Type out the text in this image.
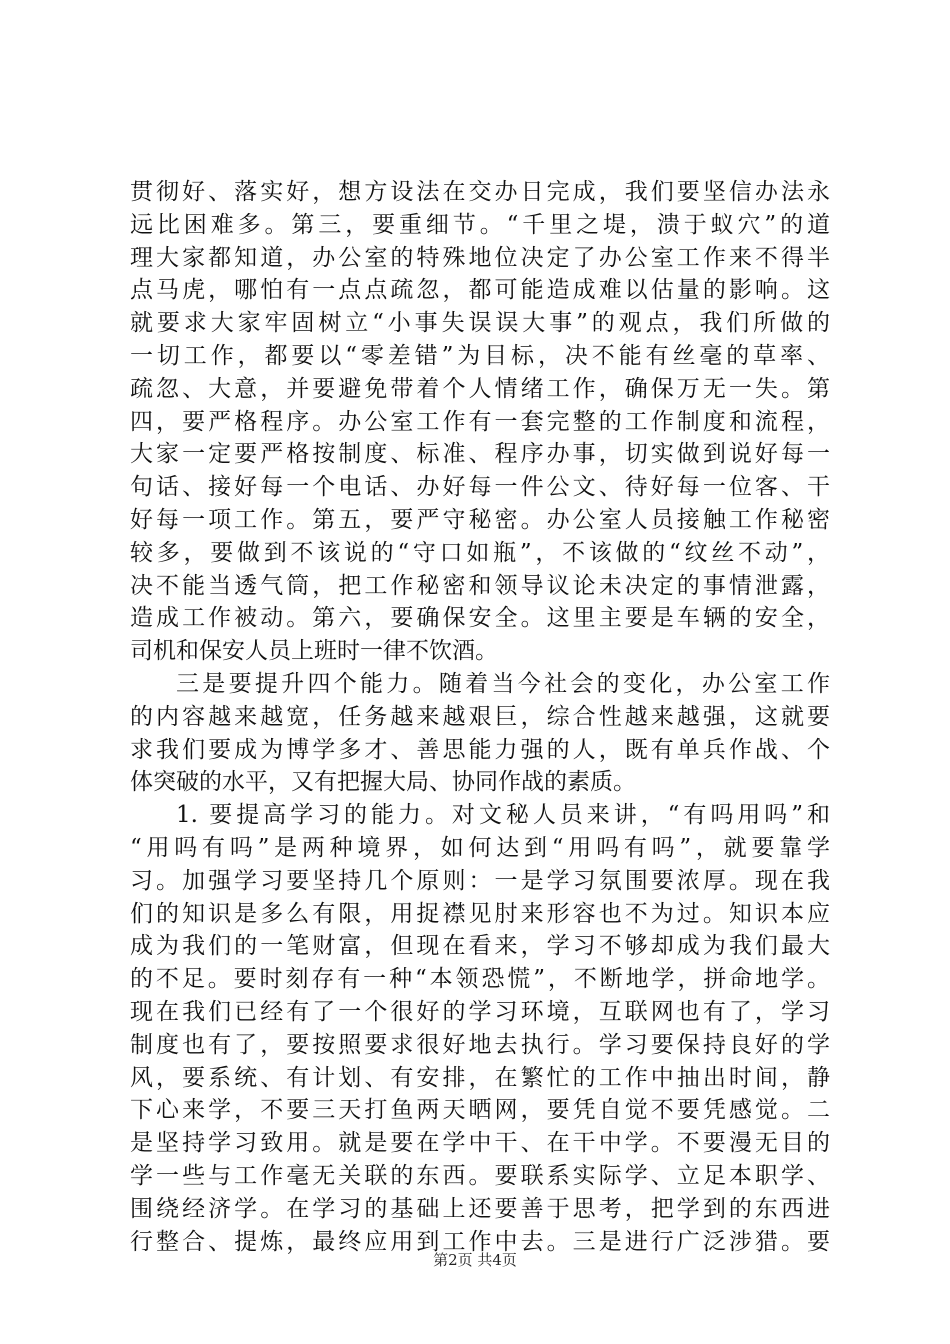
贯彻好、落实好，想方设法在交办日完成，我们要坚信办法永
远比困难多。第三，要重细节。“千里之堤，溃于蚁穴”的道
理大家都知道，办公室的特殊地位决定了办公室工作来不得半
点马虎，哪怕有一点点疏忽，都可能造成难以估量的影响。这
就要求大家牢固树立“小事失误误大事”的观点，我们所做的
一切工作，都要以“零差错”为目标，决不能有丝毫的草率、
疏忽、大意，并要避免带着个人情绪工作，确保万无一失。第
四，要严格程序。办公室工作有一套完整的工作制度和流程，
大家一定要严格按制度、标准、程序办事，切实做到说好每一
句话、接好每一个电话、办好每一件公文、待好每一位客、干
好每一项工作。第五，要严守秘密。办公室人员接触工作秘密
较多，要做到不该说的“守口如瓶”，不该做的“纹丝不动”，
决不能当透气筒，把工作秘密和领导议论未决定的事情泄露，
造成工作被动。第六，要确保安全。这里主要是车辆的安全，
司机和保安人员上班时一律不饮酒。
三是要提升四个能力。随着当今社会的变化，办公室工作
的内容越来越宽，任务越来越艰巨，综合性越来越强，这就要
求我们要成为博学多才、善思能力强的人，既有单兵作战、个
体突破的水平，又有把握大局、协同作战的素质。
1. 要提高学习的能力。对文秘人员来讲，“有吗用吗”和
“用吗有吗”是两种境界，如何达到“用吗有吗”，就要靠学
习。加强学习要坚持几个原则：一是学习氛围要浓厚。现在我
们的知识是多么有限，用捉襟见肘来形容也不为过。知识本应
成为我们的一笔财富，但现在看来，学习不够却成为我们最大
的不足。要时刻存有一种“本领恐慌”，不断地学，拼命地学。
现在我们已经有了一个很好的学习环境，互联网也有了，学习
制度也有了，要按照要求很好地去执行。学习要保持良好的学
风，要系统、有计划、有安排，在繁忙的工作中抽出时间，静
下心来学，不要三天打鱼两天晒网，要凭自觉不要凭感觉。二
是坚持学习致用。就是要在学中干、在干中学。不要漫无目的
学一些与工作毫无关联的东西。要联系实际学、立足本职学、
围绕经济学。在学习的基础上还要善于思考，把学到的东西进
行整合、提炼，最终应用到工作中去。三是进行广泛涉猎。要
第2页 共4页
